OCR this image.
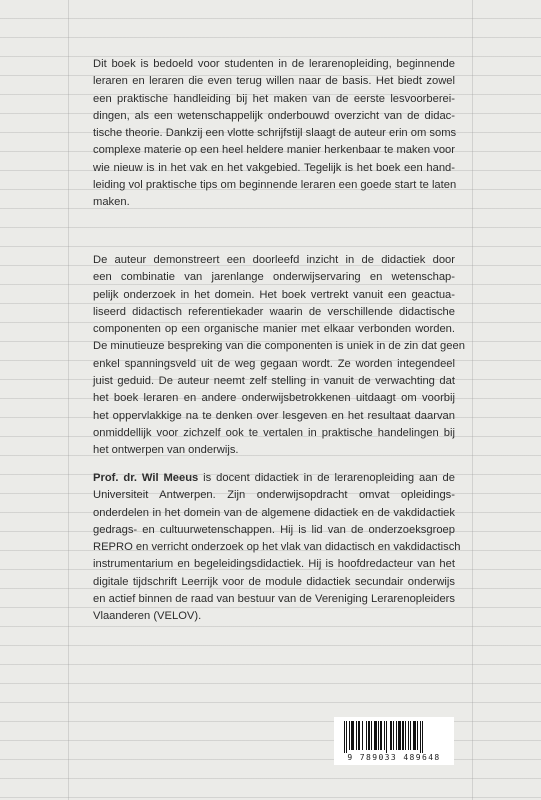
Dit boek is bedoeld voor studenten in de lerarenopleiding, beginnende
leraren en leraren die even terug willen naar de basis. Het biedt zowel
een praktische handleiding bij het maken van de eerste lesvoorberei-
dingen, als een wetenschappelijk onderbouwd overzicht van de didac-
tische theorie. Dankzij een vlotte schrijfstijl slaagt de auteur erin om soms
complexe materie op een heel heldere manier herkenbaar te maken voor
wie nieuw is in het vak en het vakgebied. Tegelijk is het boek een hand-
leiding vol praktische tips om beginnende leraren een goede start te laten
maken.
De auteur demonstreert een doorleefd inzicht in de didactiek door
een combinatie van jarenlange onderwijservaring en wetenschap-
pelijk onderzoek in het domein. Het boek vertrekt vanuit een geactua-
liseerd didactisch referentiekader waarin de verschillende didactische
componenten op een organische manier met elkaar verbonden worden.
De minutieuze bespreking van die componenten is uniek in de zin dat geen
enkel spanningsveld uit de weg gegaan wordt. Ze worden integendeel
juist geduid. De auteur neemt zelf stelling in vanuit de verwachting dat
het boek leraren en andere onderwijsbetrokkenen uitdaagt om voorbij
het oppervlakkige na te denken over lesgeven en het resultaat daarvan
onmiddellijk voor zichzelf ook te vertalen in praktische handelingen bij
het ontwerpen van onderwijs.
Prof. dr. Wil Meeus is docent didactiek in de lerarenopleiding aan de
Universiteit Antwerpen. Zijn onderwijsopdracht omvat opleidings-
onderdelen in het domein van de algemene didactiek en de vakdidactiek
gedrags- en cultuurwetenschappen. Hij is lid van de onderzoeksgroep
REPRO en verricht onderzoek op het vlak van didactisch en vakdidactisch
instrumentarium en begeleidingsdidactiek. Hij is hoofdredacteur van het
digitale tijdschrift Leerrijk voor de module didactiek secundair onderwijs
en actief binnen de raad van bestuur van de Vereniging Lerarenopleiders
Vlaanderen (VELOV).
9 789033 489648
